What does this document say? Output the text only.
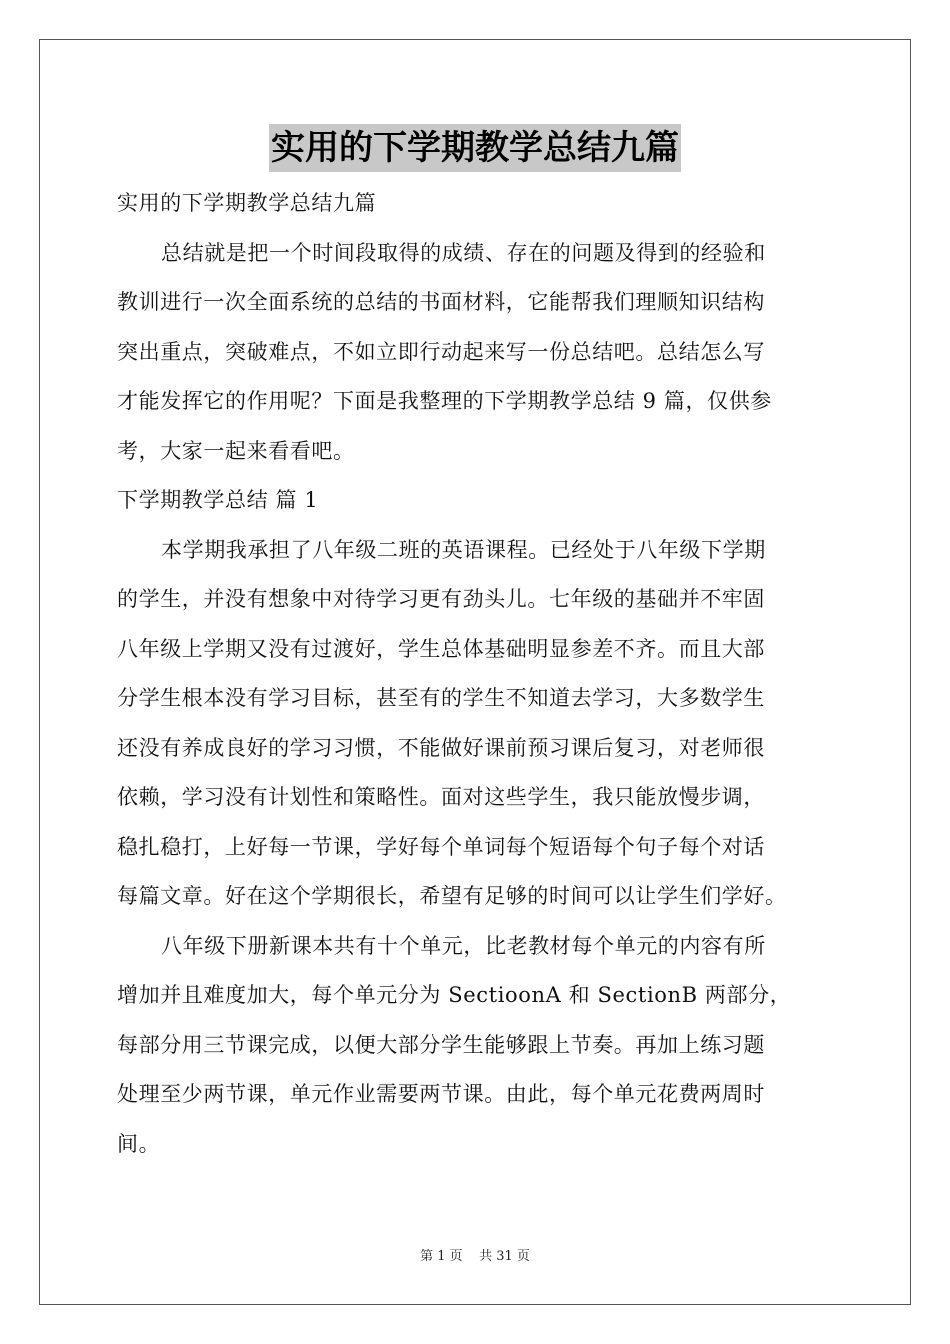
实用的下学期教学总结九篇
实用的下学期教学总结九篇
总结就是把一个时间段取得的成绩、存在的问题及得到的经验和
教训进行一次全面系统的总结的书面材料，它能帮我们理顺知识结构
突出重点，突破难点，不如立即行动起来写一份总结吧。总结怎么写
才能发挥它的作用呢？下面是我整理的下学期教学总结 9 篇，仅供参
考，大家一起来看看吧。
下学期教学总结 篇 1
本学期我承担了八年级二班的英语课程。已经处于八年级下学期
的学生，并没有想象中对待学习更有劲头儿。七年级的基础并不牢固
八年级上学期又没有过渡好，学生总体基础明显参差不齐。而且大部
分学生根本没有学习目标，甚至有的学生不知道去学习，大多数学生
还没有养成良好的学习习惯，不能做好课前预习课后复习，对老师很
依赖，学习没有计划性和策略性。面对这些学生，我只能放慢步调，
稳扎稳打，上好每一节课，学好每个单词每个短语每个句子每个对话
每篇文章。好在这个学期很长，希望有足够的时间可以让学生们学好。
八年级下册新课本共有十个单元，比老教材每个单元的内容有所
增加并且难度加大，每个单元分为 SectioonA 和 SectionB 两部分，
每部分用三节课完成，以便大部分学生能够跟上节奏。再加上练习题
处理至少两节课，单元作业需要两节课。由此，每个单元花费两周时
间。
第 1 页    共 31 页
